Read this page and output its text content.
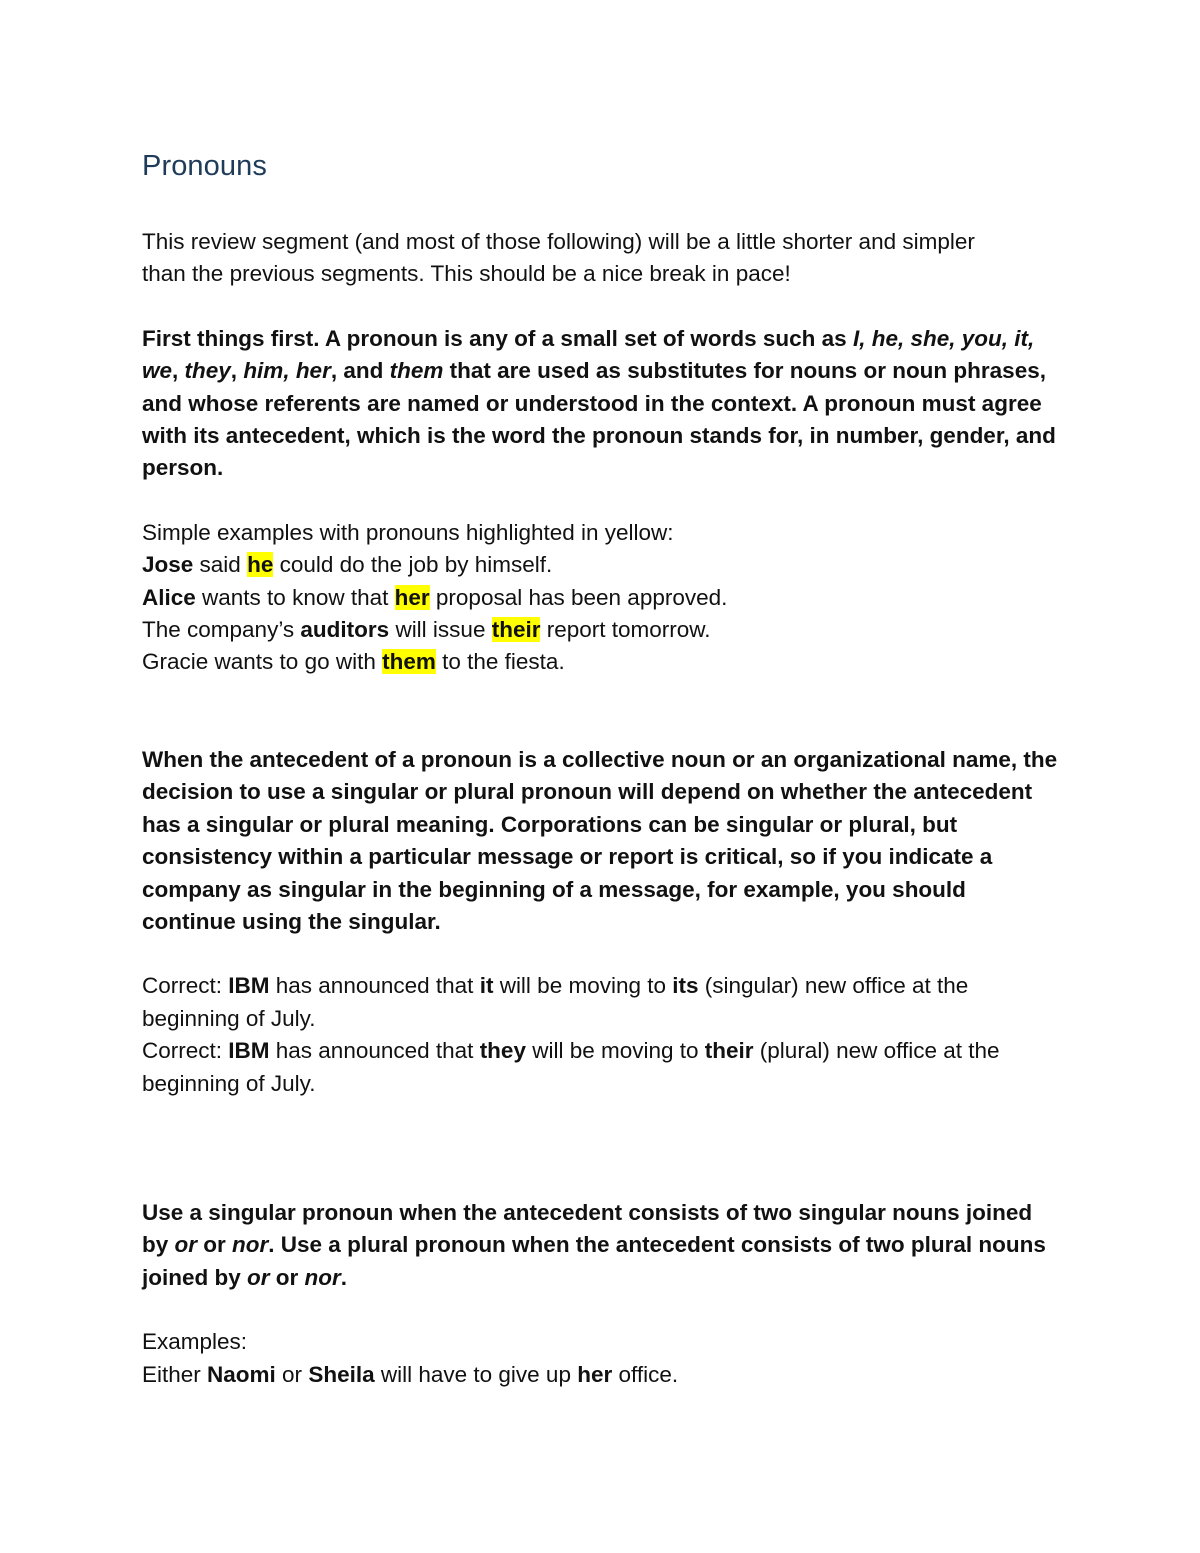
Pronouns

This review segment (and most of those following) will be a little shorter and simpler
than the previous segments. This should be a nice break in pace!

First things first. A pronoun is any of a small set of words such as I, he, she, you, it, we, they, him, her, and them that are used as substitutes for nouns or noun phrases, and whose referents are named or understood in the context. A pronoun must agree with its antecedent, which is the word the pronoun stands for, in number, gender, and person.

Simple examples with pronouns highlighted in yellow:

Jose said he could do the job by himself.

Alice wants to know that her proposal has been approved.

The company’s auditors will issue their report tomorrow.

Gracie wants to go with them to the fiesta.

When the antecedent of a pronoun is a collective noun or an organizational name, the decision to use a singular or plural pronoun will depend on whether the antecedent has a singular or plural meaning. Corporations can be singular or plural, but consistency within a particular message or report is critical, so if you indicate a company as singular in the beginning of a message, for example, you should continue using the singular.

Correct: IBM has announced that it will be moving to its (singular) new office at the beginning of July.

Correct: IBM has announced that they will be moving to their (plural) new office at the beginning of July.

Use a singular pronoun when the antecedent consists of two singular nouns joined by or or nor. Use a plural pronoun when the antecedent consists of two plural nouns joined by or or nor.

Examples:

Either Naomi or Sheila will have to give up her office.
